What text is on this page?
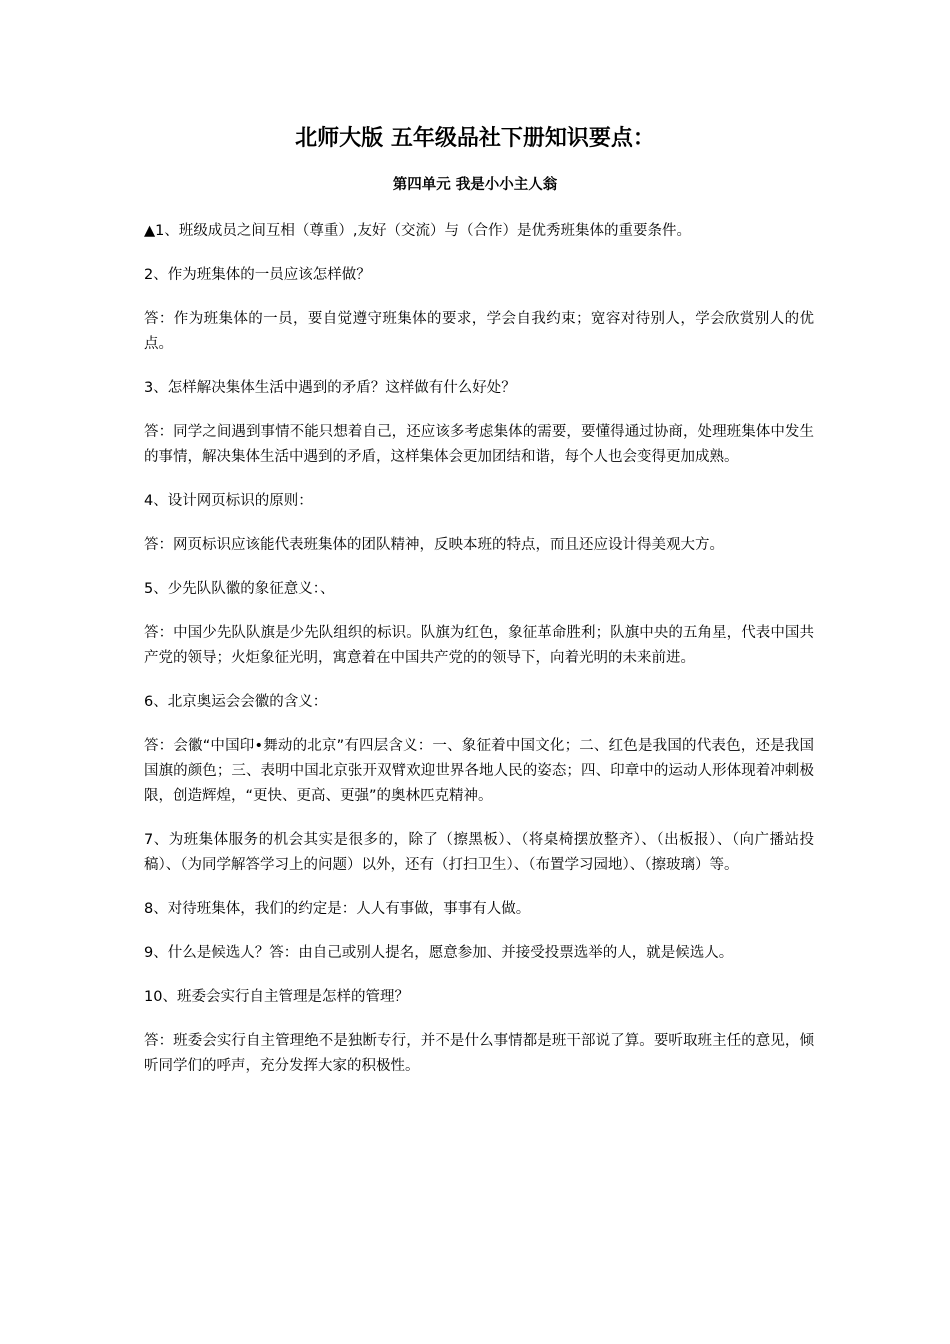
北师大版 五年级品社下册知识要点：
第四单元 我是小小主人翁

▲1、班级成员之间互相（尊重）,友好（交流）与（合作）是优秀班集体的重要条件。

2、作为班集体的一员应该怎样做？

答：作为班集体的一员，要自觉遵守班集体的要求，学会自我约束；宽容对待别人，学会欣赏别人的优点。

3、怎样解决集体生活中遇到的矛盾？这样做有什么好处？

答：同学之间遇到事情不能只想着自己，还应该多考虑集体的需要，要懂得通过协商，处理班集体中发生的事情，解决集体生活中遇到的矛盾，这样集体会更加团结和谐，每个人也会变得更加成熟。

4、设计网页标识的原则：

答：网页标识应该能代表班集体的团队精神，反映本班的特点，而且还应设计得美观大方。

5、少先队队徽的象征意义：、

答：中国少先队队旗是少先队组织的标识。队旗为红色，象征革命胜利；队旗中央的五角星，代表中国共产党的领导；火炬象征光明，寓意着在中国共产党的的领导下，向着光明的未来前进。

6、北京奥运会会徽的含义：

答：会徽“中国印•舞动的北京”有四层含义：一、象征着中国文化；二、红色是我国的代表色，还是我国国旗的颜色；三、表明中国北京张开双臂欢迎世界各地人民的姿态；四、印章中的运动人形体现着冲刺极限，创造辉煌，“更快、更高、更强”的奥林匹克精神。

7、为班集体服务的机会其实是很多的，除了（擦黑板）、（将桌椅摆放整齐）、（出板报）、（向广播站投稿）、（为同学解答学习上的问题）以外，还有（打扫卫生）、（布置学习园地）、（擦玻璃）等。

8、对待班集体，我们的约定是：人人有事做，事事有人做。

9、什么是候选人？答：由自己或别人提名，愿意参加、并接受投票选举的人，就是候选人。

10、班委会实行自主管理是怎样的管理？

答：班委会实行自主管理绝不是独断专行，并不是什么事情都是班干部说了算。要听取班主任的意见，倾听同学们的呼声，充分发挥大家的积极性。
